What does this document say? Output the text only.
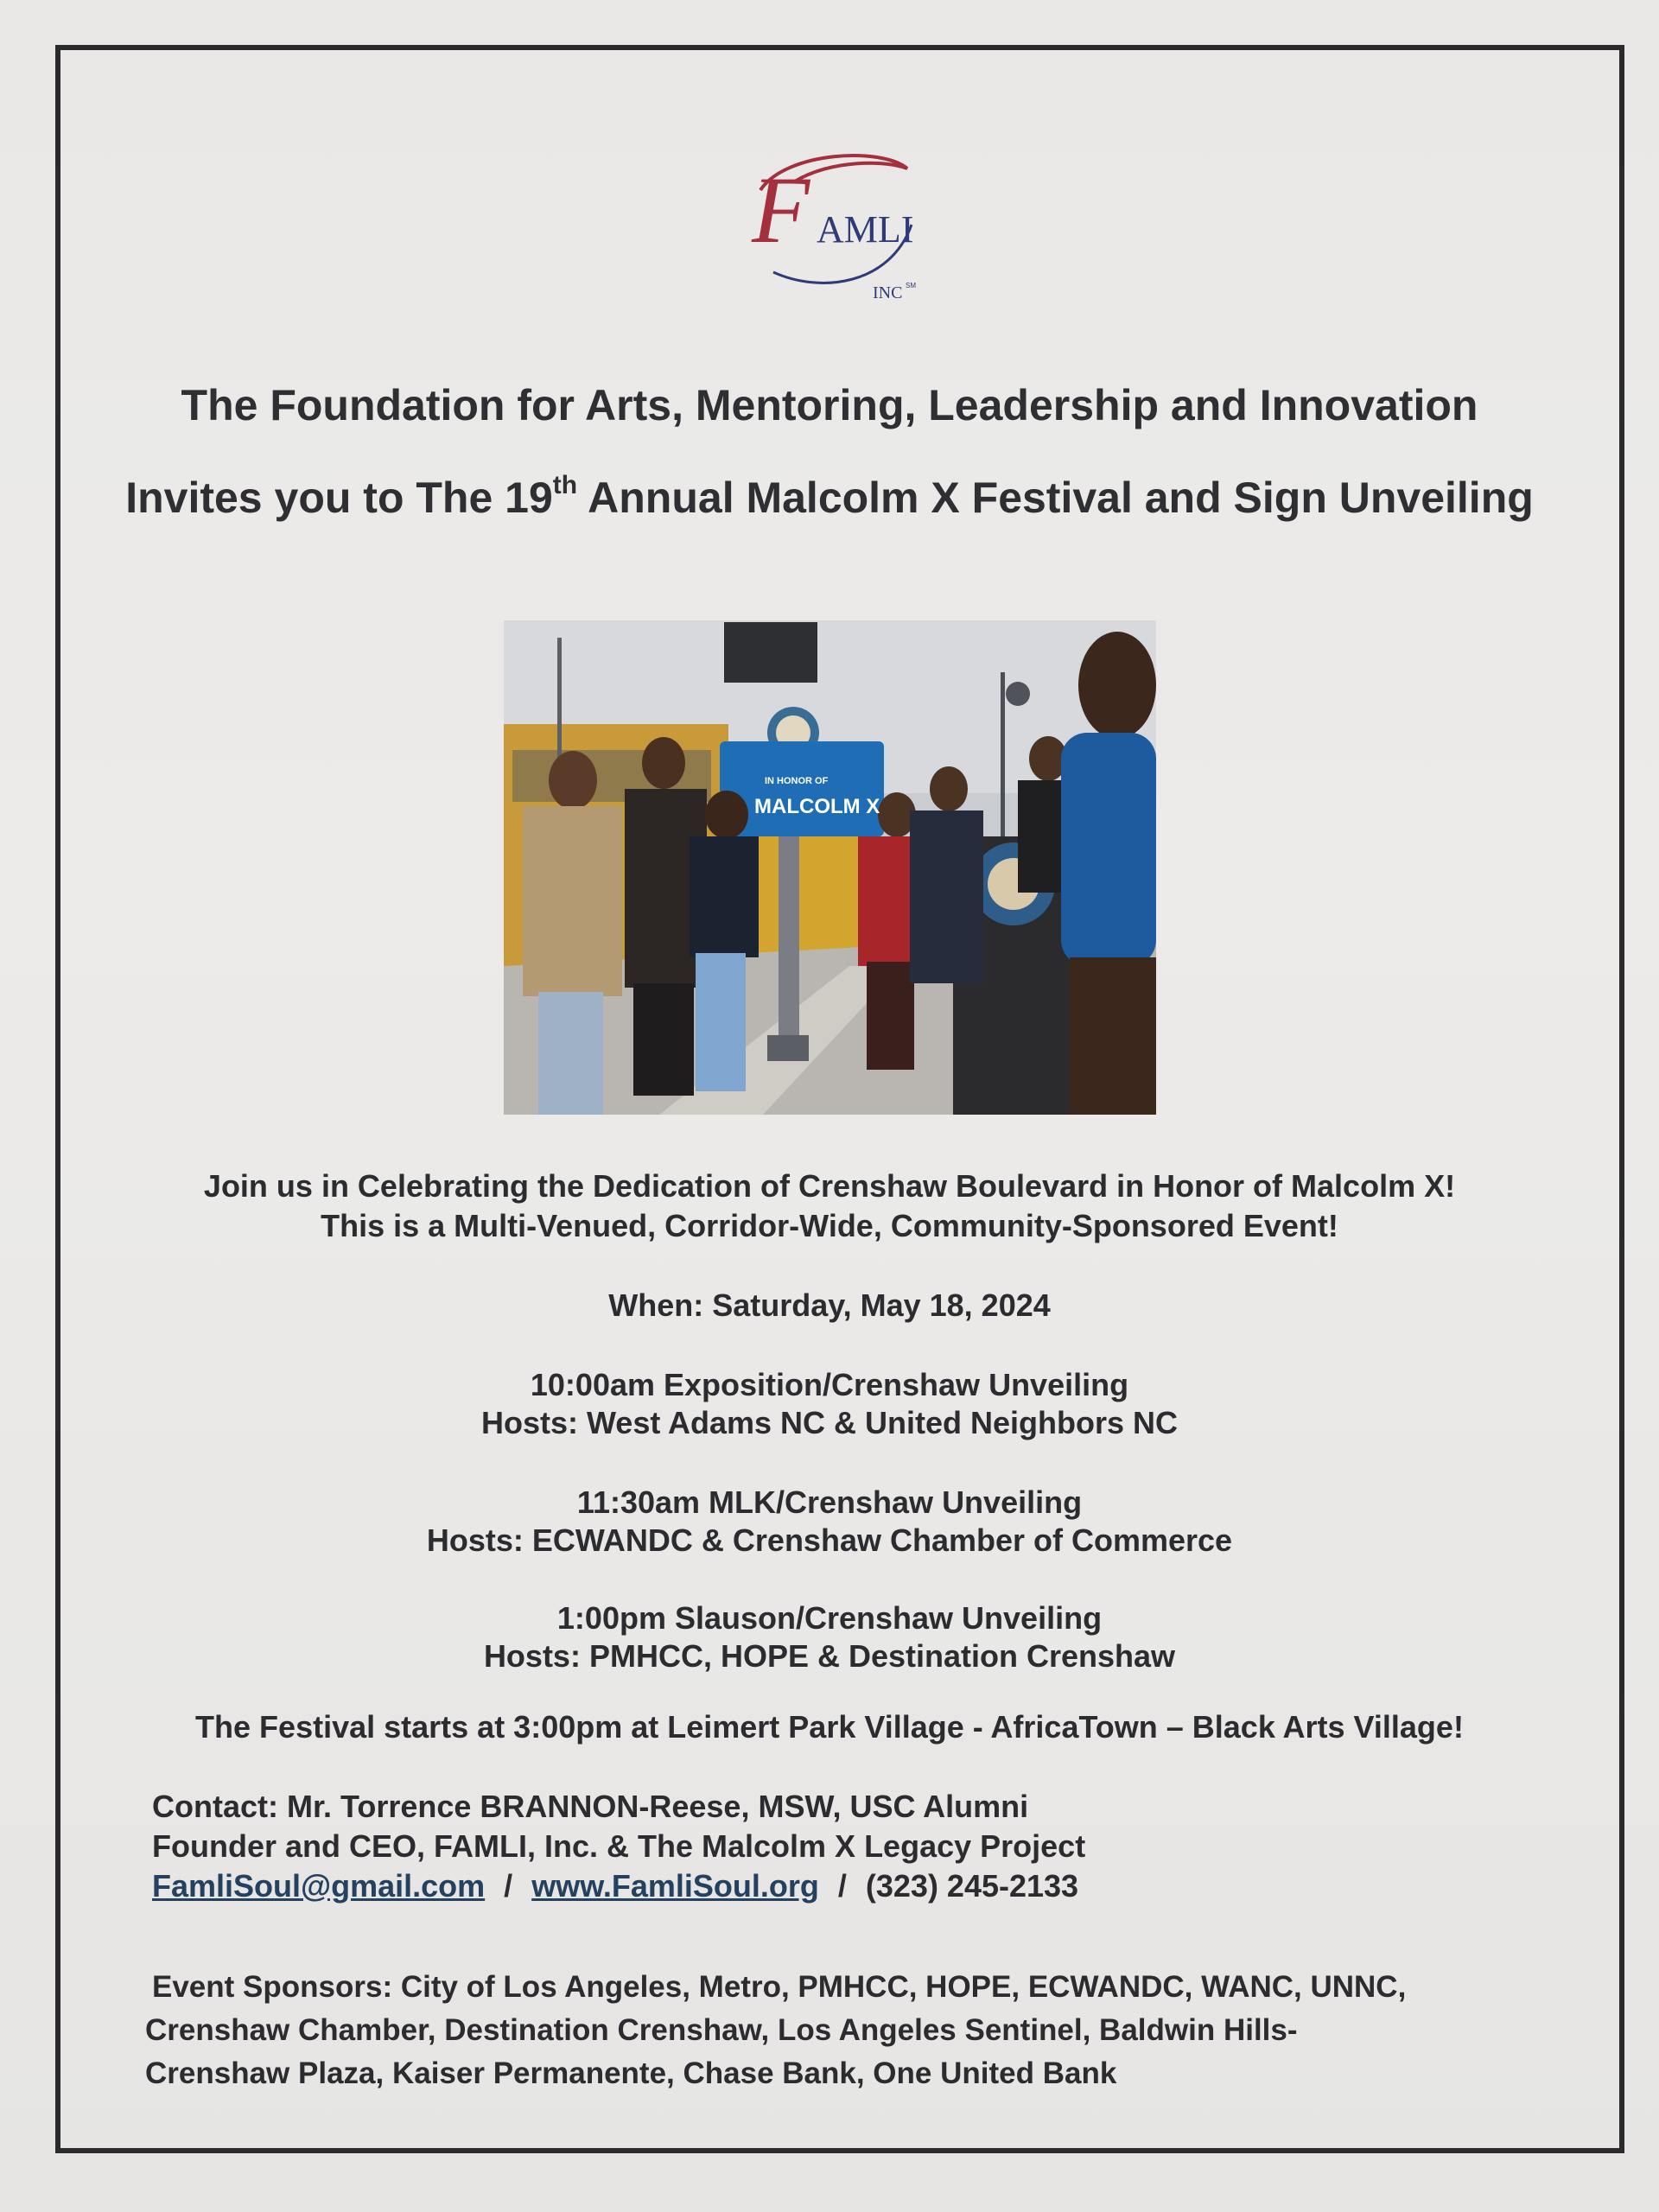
F AMLI
INC SM
The Foundation for Arts, Mentoring, Leadership and Innovation
Invites you to The 19th Annual Malcolm X Festival and Sign Unveiling
IN HONOR OF
MALCOLM X
Join us in Celebrating the Dedication of Crenshaw Boulevard in Honor of Malcolm X!
This is a Multi-Venued, Corridor-Wide, Community-Sponsored Event!
When: Saturday, May 18, 2024
10:00am Exposition/Crenshaw Unveiling
Hosts: West Adams NC & United Neighbors NC
11:30am MLK/Crenshaw Unveiling
Hosts: ECWANDC & Crenshaw Chamber of Commerce
1:00pm Slauson/Crenshaw Unveiling
Hosts: PMHCC, HOPE & Destination Crenshaw
The Festival starts at 3:00pm at Leimert Park Village - AfricaTown – Black Arts Village!
Contact: Mr. Torrence BRANNON-Reese, MSW, USC Alumni
Founder and CEO, FAMLI, Inc. & The Malcolm X Legacy Project
FamliSoul@gmail.com / www.FamliSoul.org / (323) 245-2133
Event Sponsors: City of Los Angeles, Metro, PMHCC, HOPE, ECWANDC, WANC, UNNC,
Crenshaw Chamber, Destination Crenshaw, Los Angeles Sentinel, Baldwin Hills-
Crenshaw Plaza, Kaiser Permanente, Chase Bank, One United Bank
